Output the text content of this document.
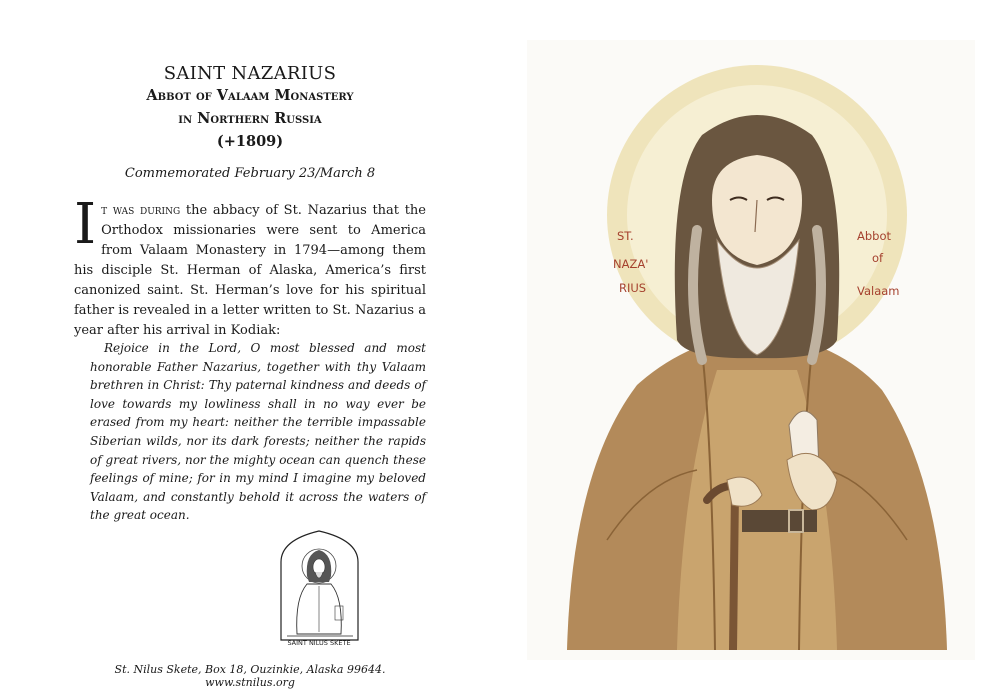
SAINT NAZARIUS
Abbot of Valaam Monastery
in Northern Russia
(+1809)
Commemorated February 23/March 8
It was during the abbacy of St. Nazarius that the Orthodox missionaries were sent to America from Valaam Monastery in 1794—among them his disciple St. Herman of Alaska, America’s first canonized saint. St. Herman’s love for his spiritual father is revealed in a letter written to St. Nazarius a year after his arrival in Kodiak:
Rejoice in the Lord, O most blessed and most honorable Father Nazarius, together with thy Valaam brethren in Christ: Thy paternal kindness and deeds of love towards my lowliness shall in no way ever be erased from my heart: neither the terrible impassable Siberian wilds, nor its dark forests; neither the rapids of great rivers, nor the mighty ocean can quench these feelings of mine; for in my mind I imagine my beloved Valaam, and constantly behold it across the waters of the great ocean.
SAINT NILUS SKETE
St. Nilus Skete, Box 18, Ouzinkie, Alaska 99644. www.stnilus.org
ST.
NAZA'
RIUS
Abbot
of
Valaam
